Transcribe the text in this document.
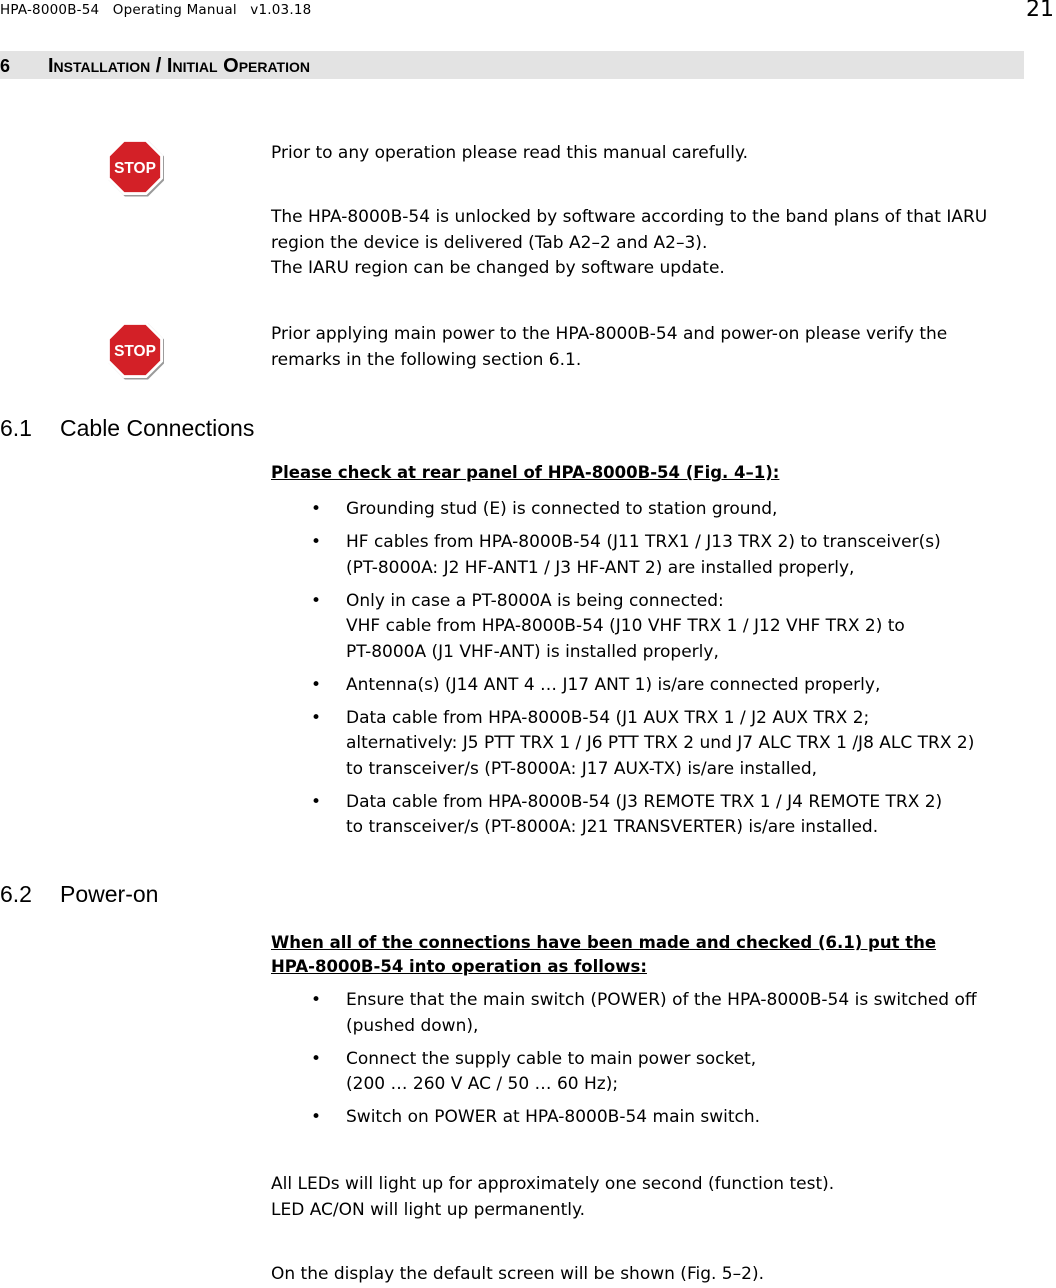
HPA-8000B-54   Operating Manual   v1.03.18	21
6 Installation / Initial Operation
STOP
Prior to any operation please read this manual carefully.
The HPA-8000B-54 is unlocked by software according to the band plans of that IARU
region the device is delivered (Tab A2–2 and A2–3).
The IARU region can be changed by software update.
STOP
Prior applying main power to the HPA-8000B-54 and power-on please verify the
remarks in the following section 6.1.
6.1 Cable Connections
Please check at rear panel of HPA-8000B-54 (Fig. 4–1):
• Grounding stud (E) is connected to station ground,
• HF cables from HPA-8000B-54 (J11 TRX1 / J13 TRX 2) to transceiver(s)
(PT-8000A: J2 HF-ANT1 / J3 HF-ANT 2) are installed properly,
• Only in case a PT-8000A is being connected:
VHF cable from HPA-8000B-54 (J10 VHF TRX 1 / J12 VHF TRX 2) to
PT-8000A (J1 VHF-ANT) is installed properly,
• Antenna(s) (J14 ANT 4 … J17 ANT 1) is/are connected properly,
• Data cable from HPA-8000B-54 (J1 AUX TRX 1 / J2 AUX TRX 2;
alternatively: J5 PTT TRX 1 / J6 PTT TRX 2 und J7 ALC TRX 1 /J8 ALC TRX 2)
to transceiver/s (PT-8000A: J17 AUX-TX) is/are installed,
• Data cable from HPA-8000B-54 (J3 REMOTE TRX 1 / J4 REMOTE TRX 2)
to transceiver/s (PT-8000A: J21 TRANSVERTER) is/are installed.
6.2 Power-on
When all of the connections have been made and checked (6.1) put the
HPA-8000B-54 into operation as follows:
• Ensure that the main switch (POWER) of the HPA-8000B-54 is switched off
(pushed down),
• Connect the supply cable to main power socket,
(200 … 260 V AC / 50 … 60 Hz);
• Switch on POWER at HPA-8000B-54 main switch.
All LEDs will light up for approximately one second (function test).
LED AC/ON will light up permanently.
On the display the default screen will be shown (Fig. 5–2).
